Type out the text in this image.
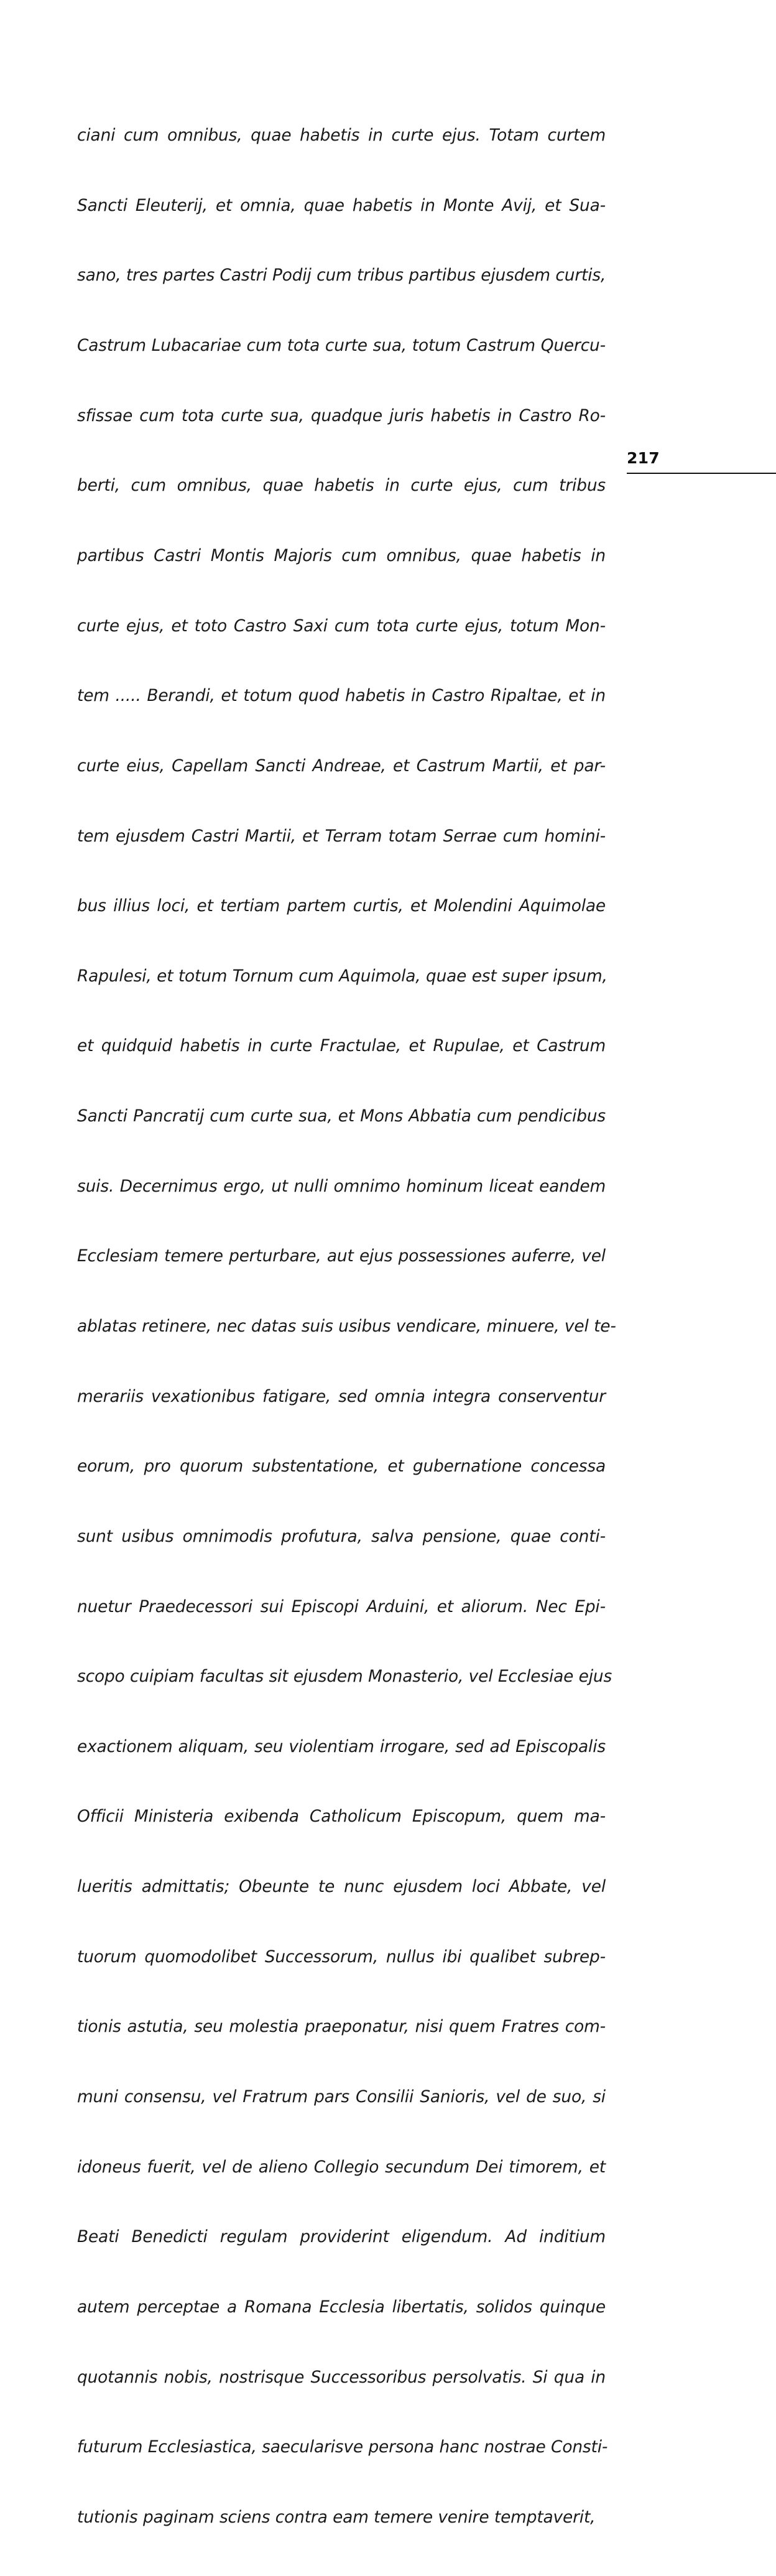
ciani cum omnibus, quae habetis in curte ejus. Totam curtem

Sancti Eleuterij, et omnia, quae habetis in Monte Avij, et Sua-

sano, tres partes Castri Podij cum tribus partibus ejusdem curtis,

Castrum Lubacariae cum tota curte sua, totum Castrum Quercu-

sfissae cum tota curte sua, quadque juris habetis in Castro Ro-

berti, cum omnibus, quae habetis in curte ejus, cum tribus

partibus Castri Montis Majoris cum omnibus, quae habetis in

curte ejus, et toto Castro Saxi cum tota curte ejus, totum Mon-

tem ..... Berandi, et totum quod habetis in Castro Ripaltae, et in

curte eius, Capellam Sancti Andreae, et Castrum Martii, et par-

tem ejusdem Castri Martii, et Terram totam Serrae cum homini-

bus illius loci, et tertiam partem curtis, et Molendini Aquimolae

Rapulesi, et totum Tornum cum Aquimola, quae est super ipsum,

et quidquid habetis in curte Fractulae, et Rupulae, et Castrum

Sancti Pancratij cum curte sua, et Mons Abbatia cum pendicibus

suis. Decernimus ergo, ut nulli omnimo hominum liceat eandem

Ecclesiam temere perturbare, aut ejus possessiones auferre, vel

ablatas retinere, nec datas suis usibus vendicare, minuere, vel te-

merariis vexationibus fatigare, sed omnia integra conserventur

eorum, pro quorum substentatione, et gubernatione concessa

sunt usibus omnimodis profutura, salva pensione, quae conti-

nuetur Praedecessori sui Episcopi Arduini, et aliorum. Nec Epi-

scopo cuipiam facultas sit ejusdem Monasterio, vel Ecclesiae ejus

exactionem aliquam, seu violentiam irrogare, sed ad Episcopalis

Officii Ministeria exibenda Catholicum Episcopum, quem ma-

lueritis admittatis; Obeunte te nunc ejusdem loci Abbate, vel

tuorum quomodolibet Successorum, nullus ibi qualibet subrep-

tionis astutia, seu molestia praeponatur, nisi quem Fratres com-

muni consensu, vel Fratrum pars Consilii Sanioris, vel de suo, si

idoneus fuerit, vel de alieno Collegio secundum Dei timorem, et

Beati Benedicti regulam providerint eligendum. Ad inditium

autem perceptae a Romana Ecclesia libertatis, solidos quinque

quotannis nobis, nostrisque Successoribus persolvatis. Si qua in

futurum Ecclesiastica, saecularisve persona hanc nostrae Consti-

tutionis paginam sciens contra eam temere venire temptaverit,

217
